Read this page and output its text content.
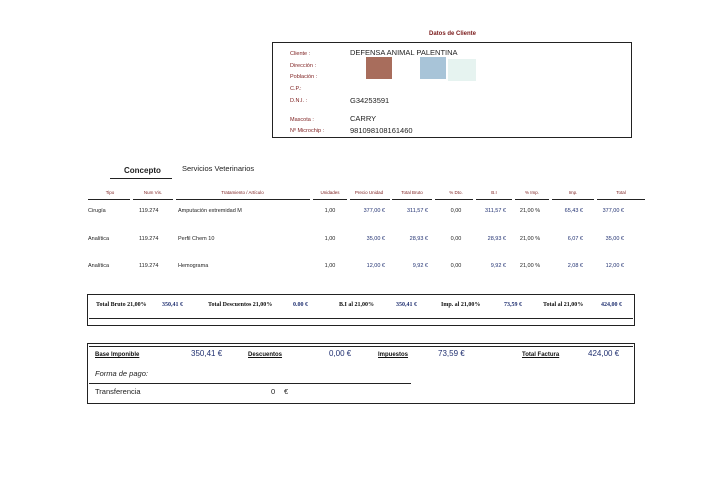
Datos de Cliente
Cliente :	DEFENSA ANIMAL PALENTINA
Dirección :
Población :
C.P.:
D.N.I. :	G34253591
Mascota :	CARRY
Nº Microchip :	981098108161460
Concepto	Servicios Veterinarios
Tipo	Num Vis.	Tratamiento / Artículo	Unidades	Precio Unidad	Total Bruto	% Dto.	B.I	% Imp.	Imp.	Total
Cirugía	119.274	Amputación extremidad M	1,00	377,00 €	311,57 €	0,00	311,57 €	21,00 %	65,43 €	377,00 €
Analítica	119.274	Perfil Chem 10	1,00	35,00 €	28,93 €	0,00	28,93 €	21,00 %	6,07 €	35,00 €
Analítica	119.274	Hemograma	1,00	12,00 €	9,92 €	0,00	9,92 €	21,00 %	2,08 €	12,00 €
Total Bruto 21,00%	350,41 €	Total Descuentos 21,00%	0.00 €	B.I al 21,00%	350,41 €	Imp. al 21,00%	73,59 €	Total al 21,00%	424,00 €
Base Imponible	350,41 €	Descuentos	0,00 €	Impuestos	73,59 €	Total Factura	424,00 €
Forma de pago:
Transferencia	0 €
